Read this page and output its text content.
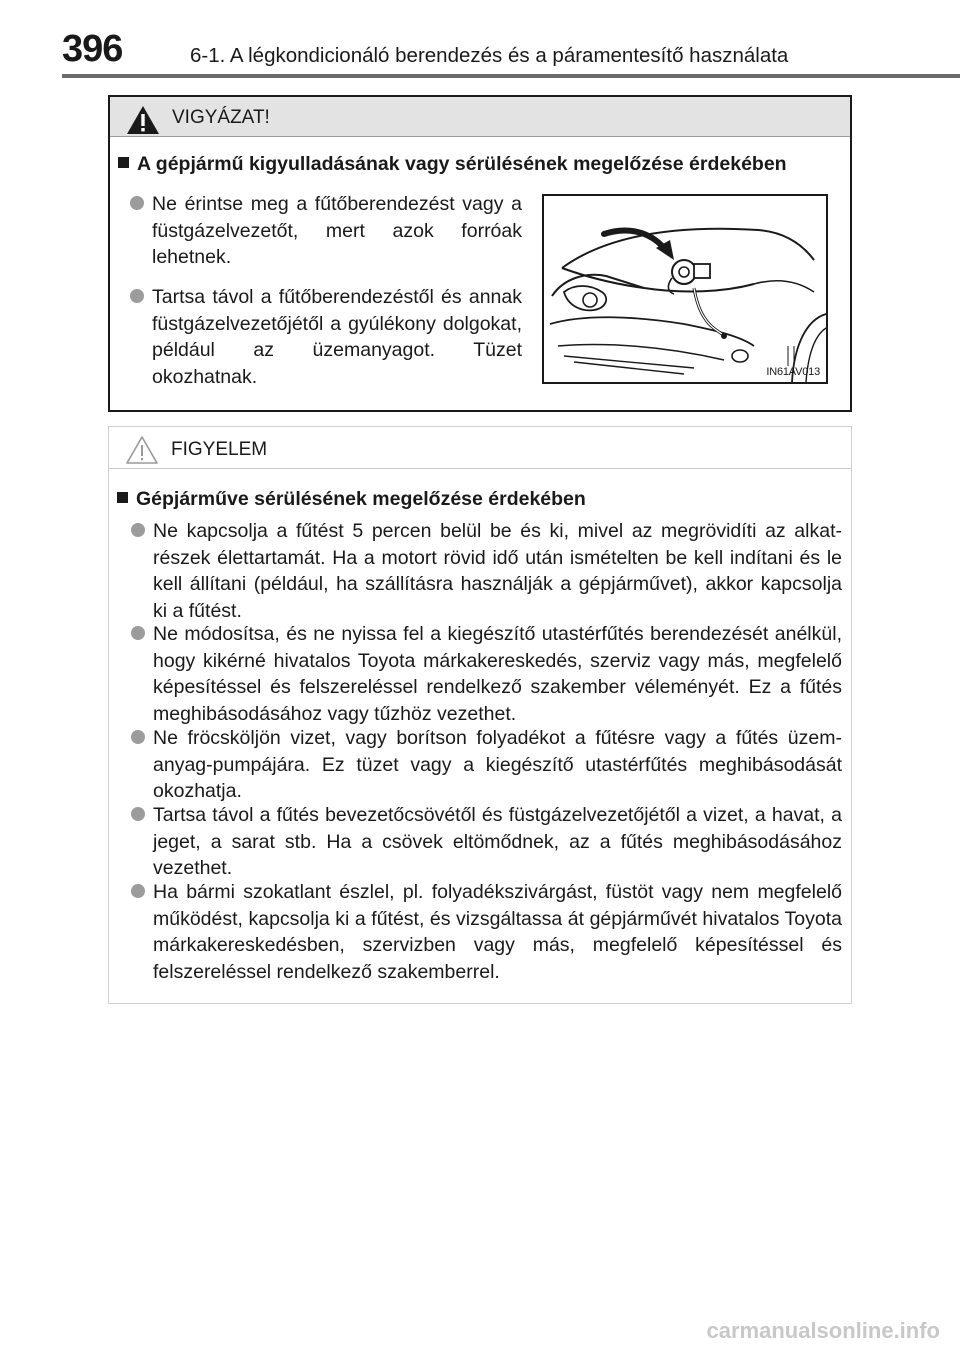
396	6-1. A légkondicionáló berendezés és a páramentesítő használata
VIGYÁZAT!
A gépjármű kigyulladásának vagy sérülésének megelőzése érdekében
Ne érintse meg a fűtőberendezést vagy a füstgázelvezetőt, mert azok forróak lehetnek.
Tartsa távol a fűtőberendezéstől és annak füstgázelvezetőjétől a gyúlékony dolgokat, például az üzemanyagot. Tüzet okozhatnak.	IN61AV013
FIGYELEM
Gépjárműve sérülésének megelőzése érdekében
Ne kapcsolja a fűtést 5 percen belül be és ki, mivel az megrövidíti az alkatrészek élettartamát. Ha a motort rövid idő után ismételten be kell indítani és le kell állítani (például, ha szállításra használják a gépjárművet), akkor kapcsolja ki a fűtést.
Ne módosítsa, és ne nyissa fel a kiegészítő utastérfűtés berendezését anélkül, hogy kikérné hivatalos Toyota márkakereskedés, szerviz vagy más, megfelelő képesítéssel és felszereléssel rendelkező szakember véleményét. Ez a fűtés meghibásodásához vagy tűzhöz vezethet.
Ne fröcsköljön vizet, vagy borítson folyadékot a fűtésre vagy a fűtés üzemanyag-pumpájára. Ez tüzet vagy a kiegészítő utastérfűtés meghibásodását okozhatja.
Tartsa távol a fűtés bevezetőcsövétől és füstgázelvezetőjétől a vizet, a havat, a jeget, a sarat stb. Ha a csövek eltömődnek, az a fűtés meghibásodásához vezethet.
Ha bármi szokatlant észlel, pl. folyadékszivárgást, füstöt vagy nem megfelelő működést, kapcsolja ki a fűtést, és vizsgáltassa át gépjárművét hivatalos Toyota márkakereskedésben, szervizben vagy más, megfelelő képesítéssel és felszereléssel rendelkező szakemberrel.
carmanualsonline.info
